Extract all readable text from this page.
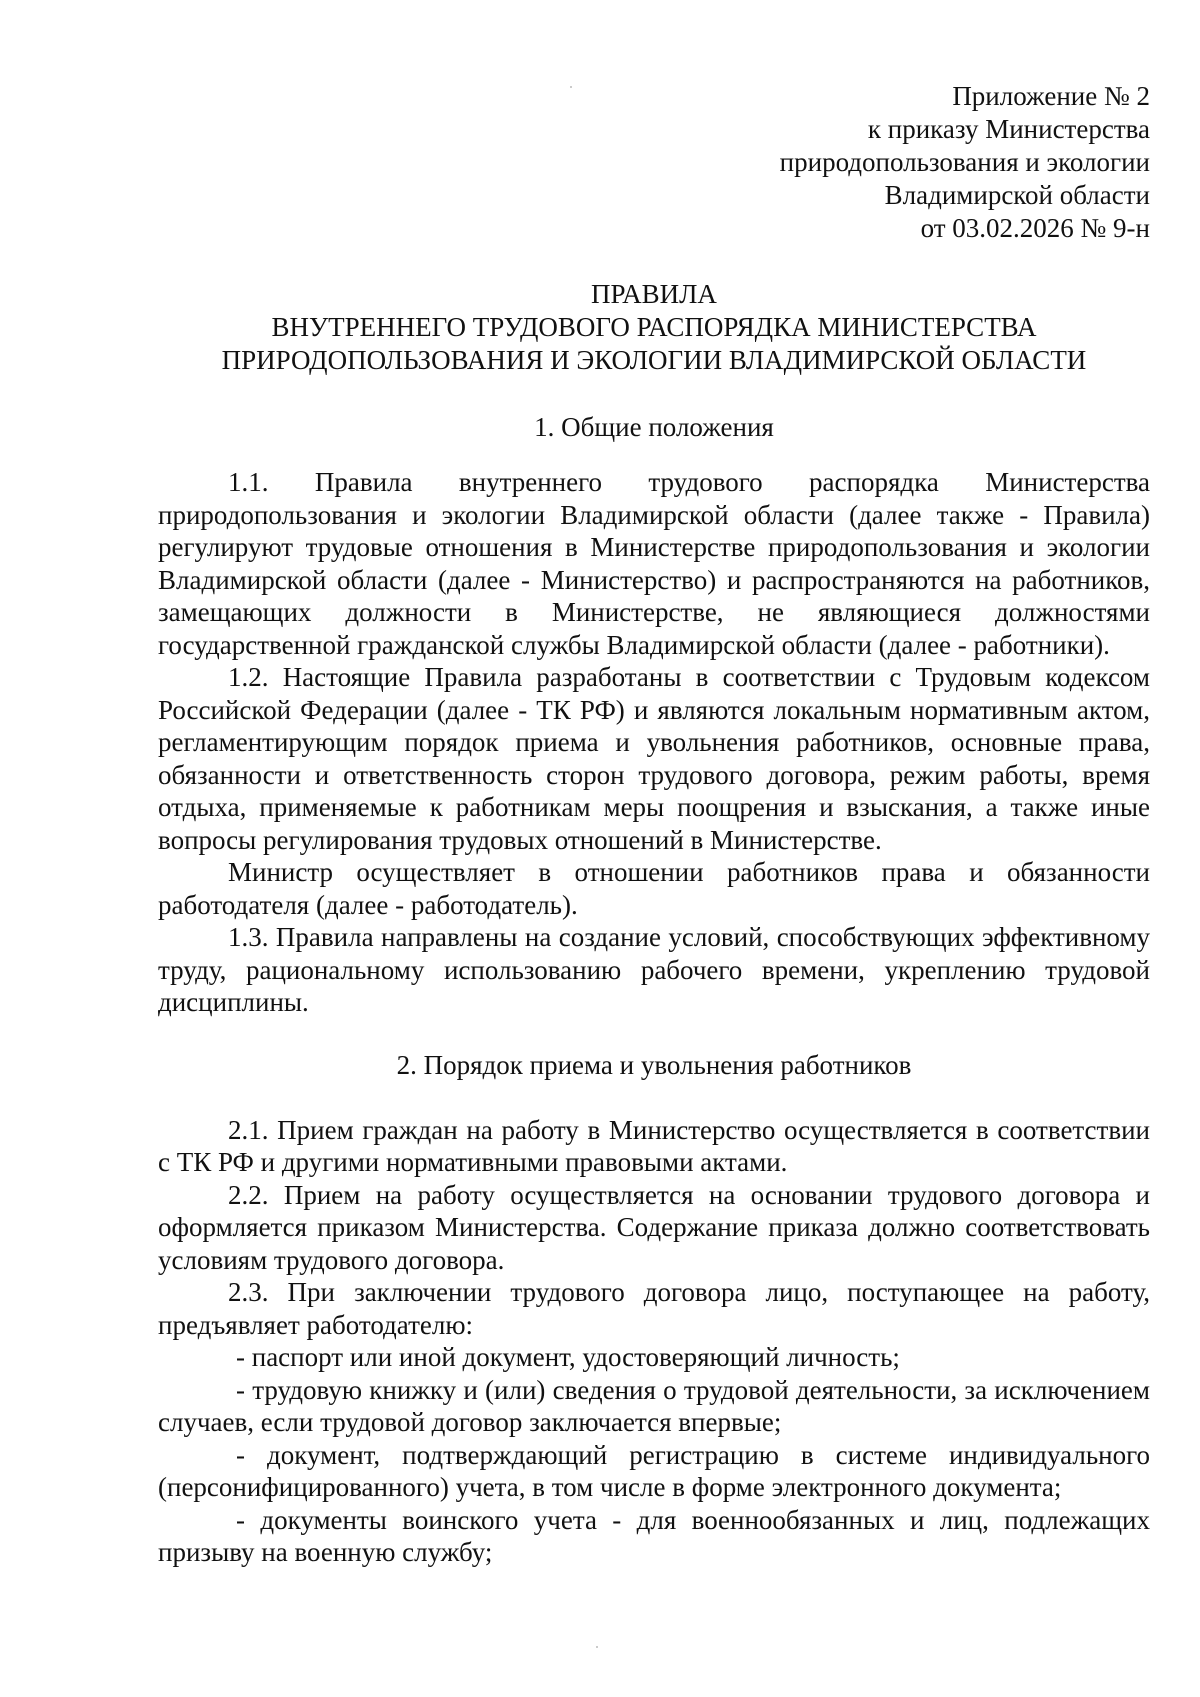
Приложение № 2
к приказу Министерства
природопользования и экологии
Владимирской области
от 03.02.2026 № 9-н
ПРАВИЛА
ВНУТРЕННЕГО ТРУДОВОГО РАСПОРЯДКА МИНИСТЕРСТВА
ПРИРОДОПОЛЬЗОВАНИЯ И ЭКОЛОГИИ ВЛАДИМИРСКОЙ ОБЛАСТИ
1. Общие положения

1.1. Правила внутреннего трудового распорядка Министерства природопользования и экологии Владимирской области (далее также - Правила) регулируют трудовые отношения в Министерстве природопользования и экологии Владимирской области (далее - Министерство) и распространяются на работников, замещающих должности в Министерстве, не являющиеся должностями государственной гражданской службы Владимирской области (далее - работники).

1.2. Настоящие Правила разработаны в соответствии с Трудовым кодексом Российской Федерации (далее - ТК РФ) и являются локальным нормативным актом, регламентирующим порядок приема и увольнения работников, основные права, обязанности и ответственность сторон трудового договора, режим работы, время отдыха, применяемые к работникам меры поощрения и взыскания, а также иные вопросы регулирования трудовых отношений в Министерстве.

Министр осуществляет в отношении работников права и обязанности работодателя (далее - работодатель).

1.3. Правила направлены на создание условий, способствующих эффективному труду, рациональному использованию рабочего времени, укреплению трудовой дисциплины.

2. Порядок приема и увольнения работников

2.1. Прием граждан на работу в Министерство осуществляется в соответствии с ТК РФ и другими нормативными правовыми актами.

2.2. Прием на работу осуществляется на основании трудового договора и оформляется приказом Министерства. Содержание приказа должно соответствовать условиям трудового договора.

2.3. При заключении трудового договора лицо, поступающее на работу, предъявляет работодателю:

- паспорт или иной документ, удостоверяющий личность;

- трудовую книжку и (или) сведения о трудовой деятельности, за исключением случаев, если трудовой договор заключается впервые;

- документ, подтверждающий регистрацию в системе индивидуального (персонифицированного) учета, в том числе в форме электронного документа;

- документы воинского учета - для военнообязанных и лиц, подлежащих призыву на военную службу;
